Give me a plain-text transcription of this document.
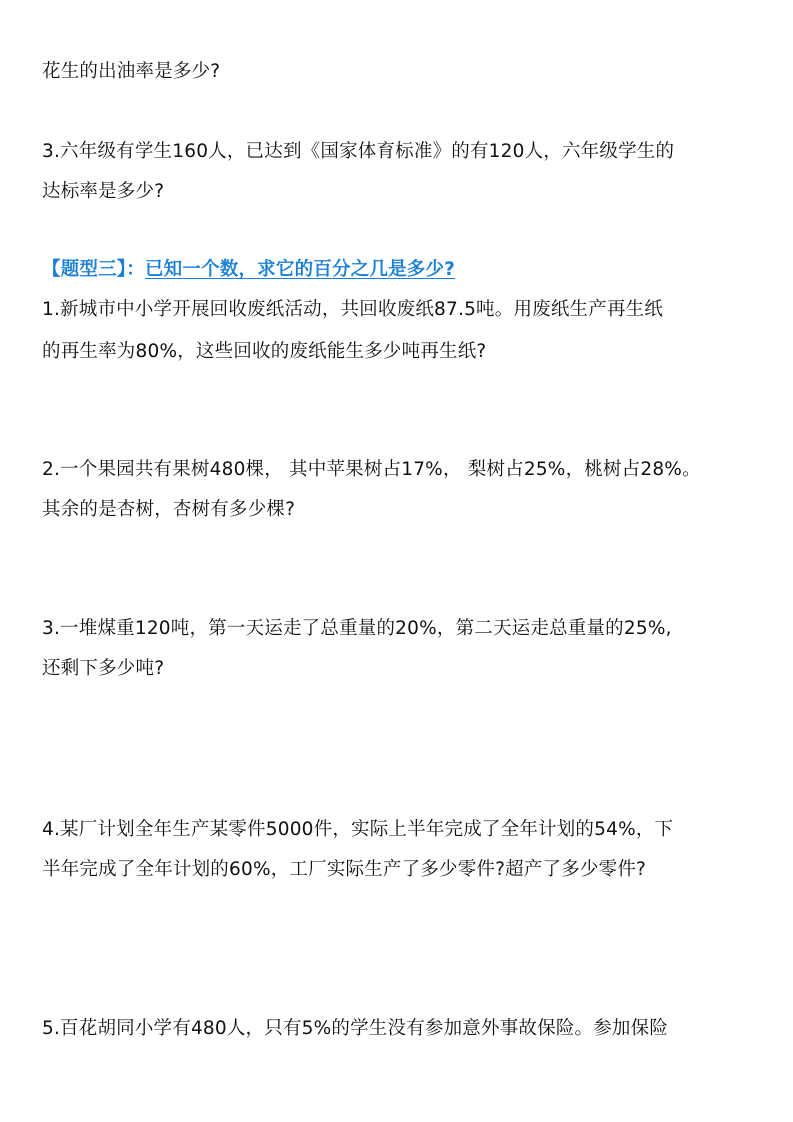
花生的出油率是多少?
3.六年级有学生160人，已达到《国家体育标准》的有120人，六年级学生的
达标率是多少?
【题型三】：已知一个数，求它的百分之几是多少?
1.新城市中小学开展回收废纸活动，共回收废纸87.5吨。用废纸生产再生纸
的再生率为80%，这些回收的废纸能生多少吨再生纸?
2.一个果园共有果树480棵， 其中苹果树占17%， 梨树占25%，桃树占28%。
其余的是杏树，杏树有多少棵?
3.一堆煤重120吨，第一天运走了总重量的20%，第二天运走总重量的25%,
还剩下多少吨?
4.某厂计划全年生产某零件5000件，实际上半年完成了全年计划的54%，下
半年完成了全年计划的60%，工厂实际生产了多少零件?超产了多少零件?
5.百花胡同小学有480人，只有5%的学生没有参加意外事故保险。参加保险
